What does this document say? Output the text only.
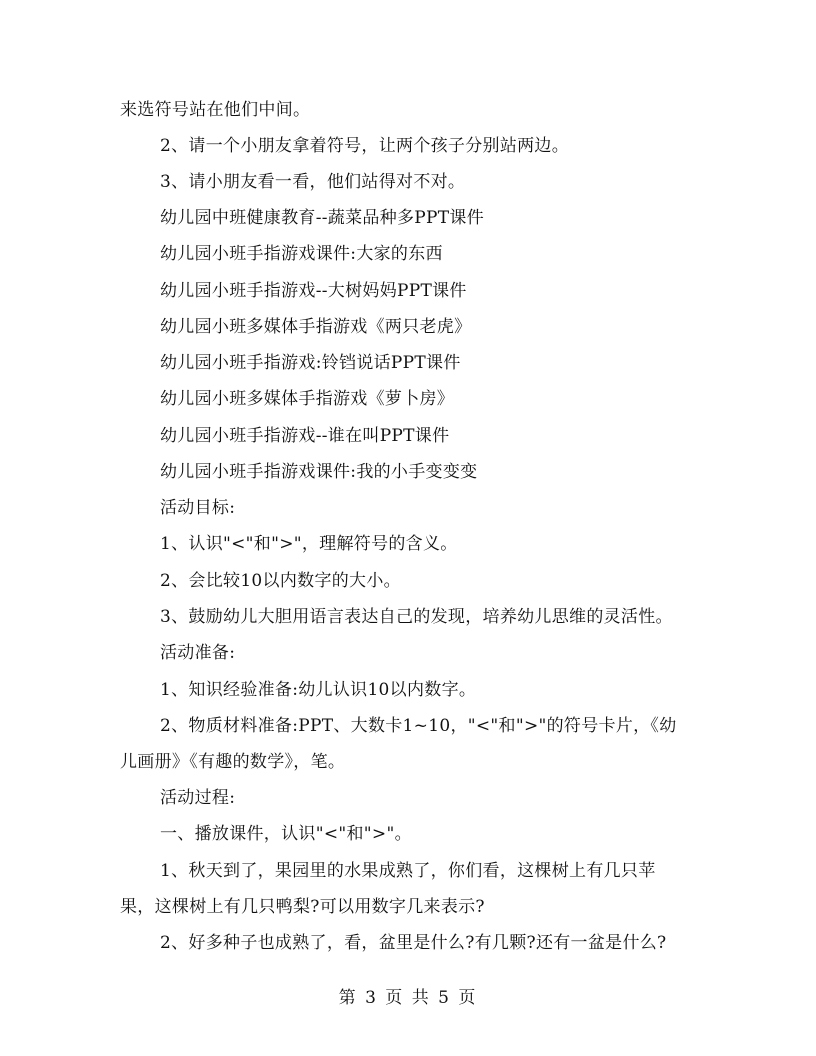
来选符号站在他们中间。
2、请一个小朋友拿着符号，让两个孩子分别站两边。
3、请小朋友看一看，他们站得对不对。
幼儿园中班健康教育--蔬菜品种多PPT课件
幼儿园小班手指游戏课件:大家的东西
幼儿园小班手指游戏--大树妈妈PPT课件
幼儿园小班多媒体手指游戏《两只老虎》
幼儿园小班手指游戏:铃铛说话PPT课件
幼儿园小班多媒体手指游戏《萝卜房》
幼儿园小班手指游戏--谁在叫PPT课件
幼儿园小班手指游戏课件:我的小手变变变
活动目标:
1、认识"<"和">"，理解符号的含义。
2、会比较10以内数字的大小。
3、鼓励幼儿大胆用语言表达自己的发现，培养幼儿思维的灵活性。
活动准备:
1、知识经验准备:幼儿认识10以内数字。
2、物质材料准备:PPT、大数卡1~10，"<"和">"的符号卡片，《幼
儿画册》《有趣的数学》，笔。
活动过程:
一、播放课件，认识"<"和">"。
1、秋天到了，果园里的水果成熟了，你们看，这棵树上有几只苹
果，这棵树上有几只鸭梨?可以用数字几来表示?
2、好多种子也成熟了，看，盆里是什么?有几颗?还有一盆是什么?
第 3 页 共 5 页
